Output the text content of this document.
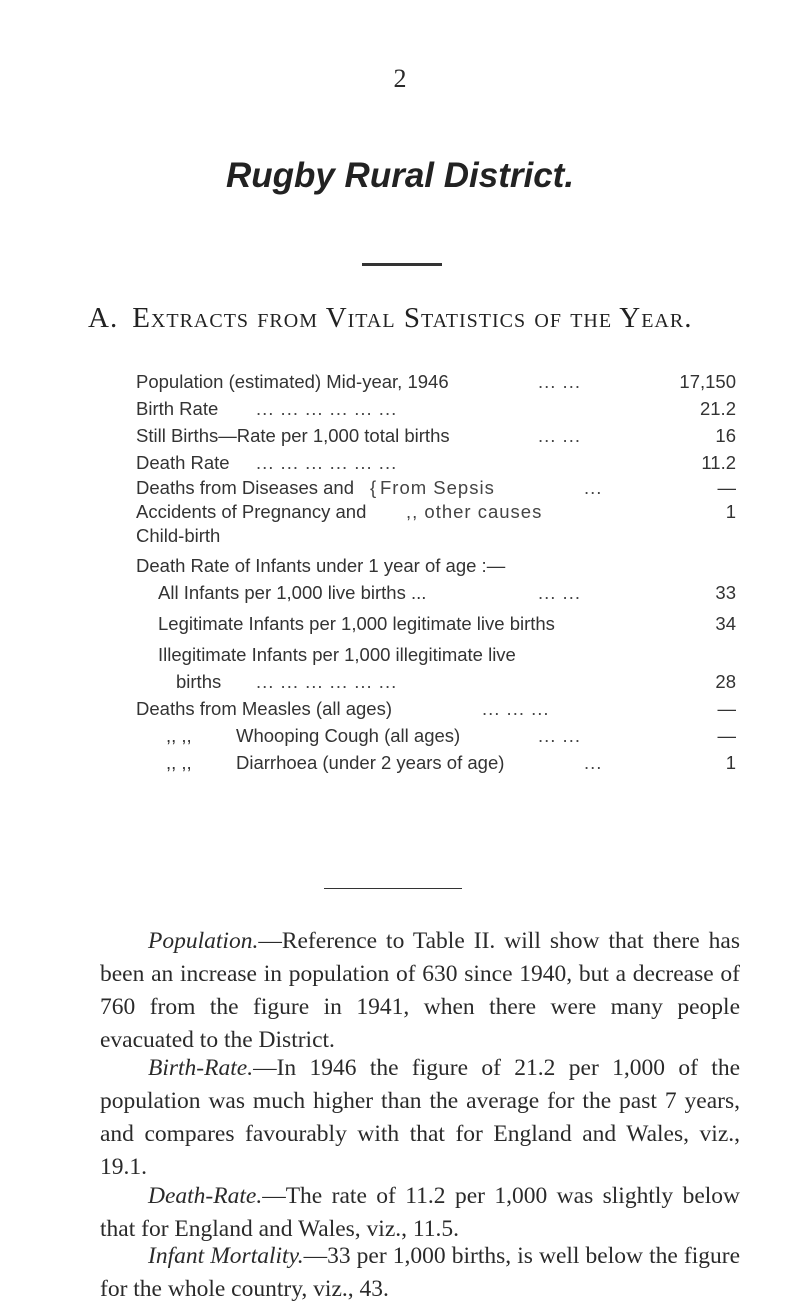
2
Rugby Rural District.
A. Extracts from Vital Statistics of the Year.
Population (estimated) Mid-year, 1946	... ...	17,150
Birth Rate ... ... ... ... ... ...	21.2
Still Births—Rate per 1,000 total births	... ...	16
Death Rate ... ... ... ... ... ...	11.2
Deaths from Diseases and { From Sepsis	...	—
Accidents of Pregnancy and ,, other causes	1
Child-birth
Death Rate of Infants under 1 year of age :—
All Infants per 1,000 live births ...	... ...	33
Legitimate Infants per 1,000 legitimate live births	34
Illegitimate Infants per 1,000 illegitimate live
births ... ... ... ... ... ...	28
Deaths from Measles (all ages)	... ... ...	—
,, ,, Whooping Cough (all ages)	... ...	—
,, ,, Diarrhoea (under 2 years of age)	...	1

Population.—Reference to Table II. will show that there has been an increase in population of 630 since 1940, but a decrease of 760 from the figure in 1941, when there were many people evacuated to the District.

Birth-Rate.—In 1946 the figure of 21.2 per 1,000 of the population was much higher than the average for the past 7 years, and compares favourably with that for England and Wales, viz., 19.1.

Death-Rate.—The rate of 11.2 per 1,000 was slightly below that for England and Wales, viz., 11.5.

Infant Mortality.—33 per 1,000 births, is well below the figure for the whole country, viz., 43.
